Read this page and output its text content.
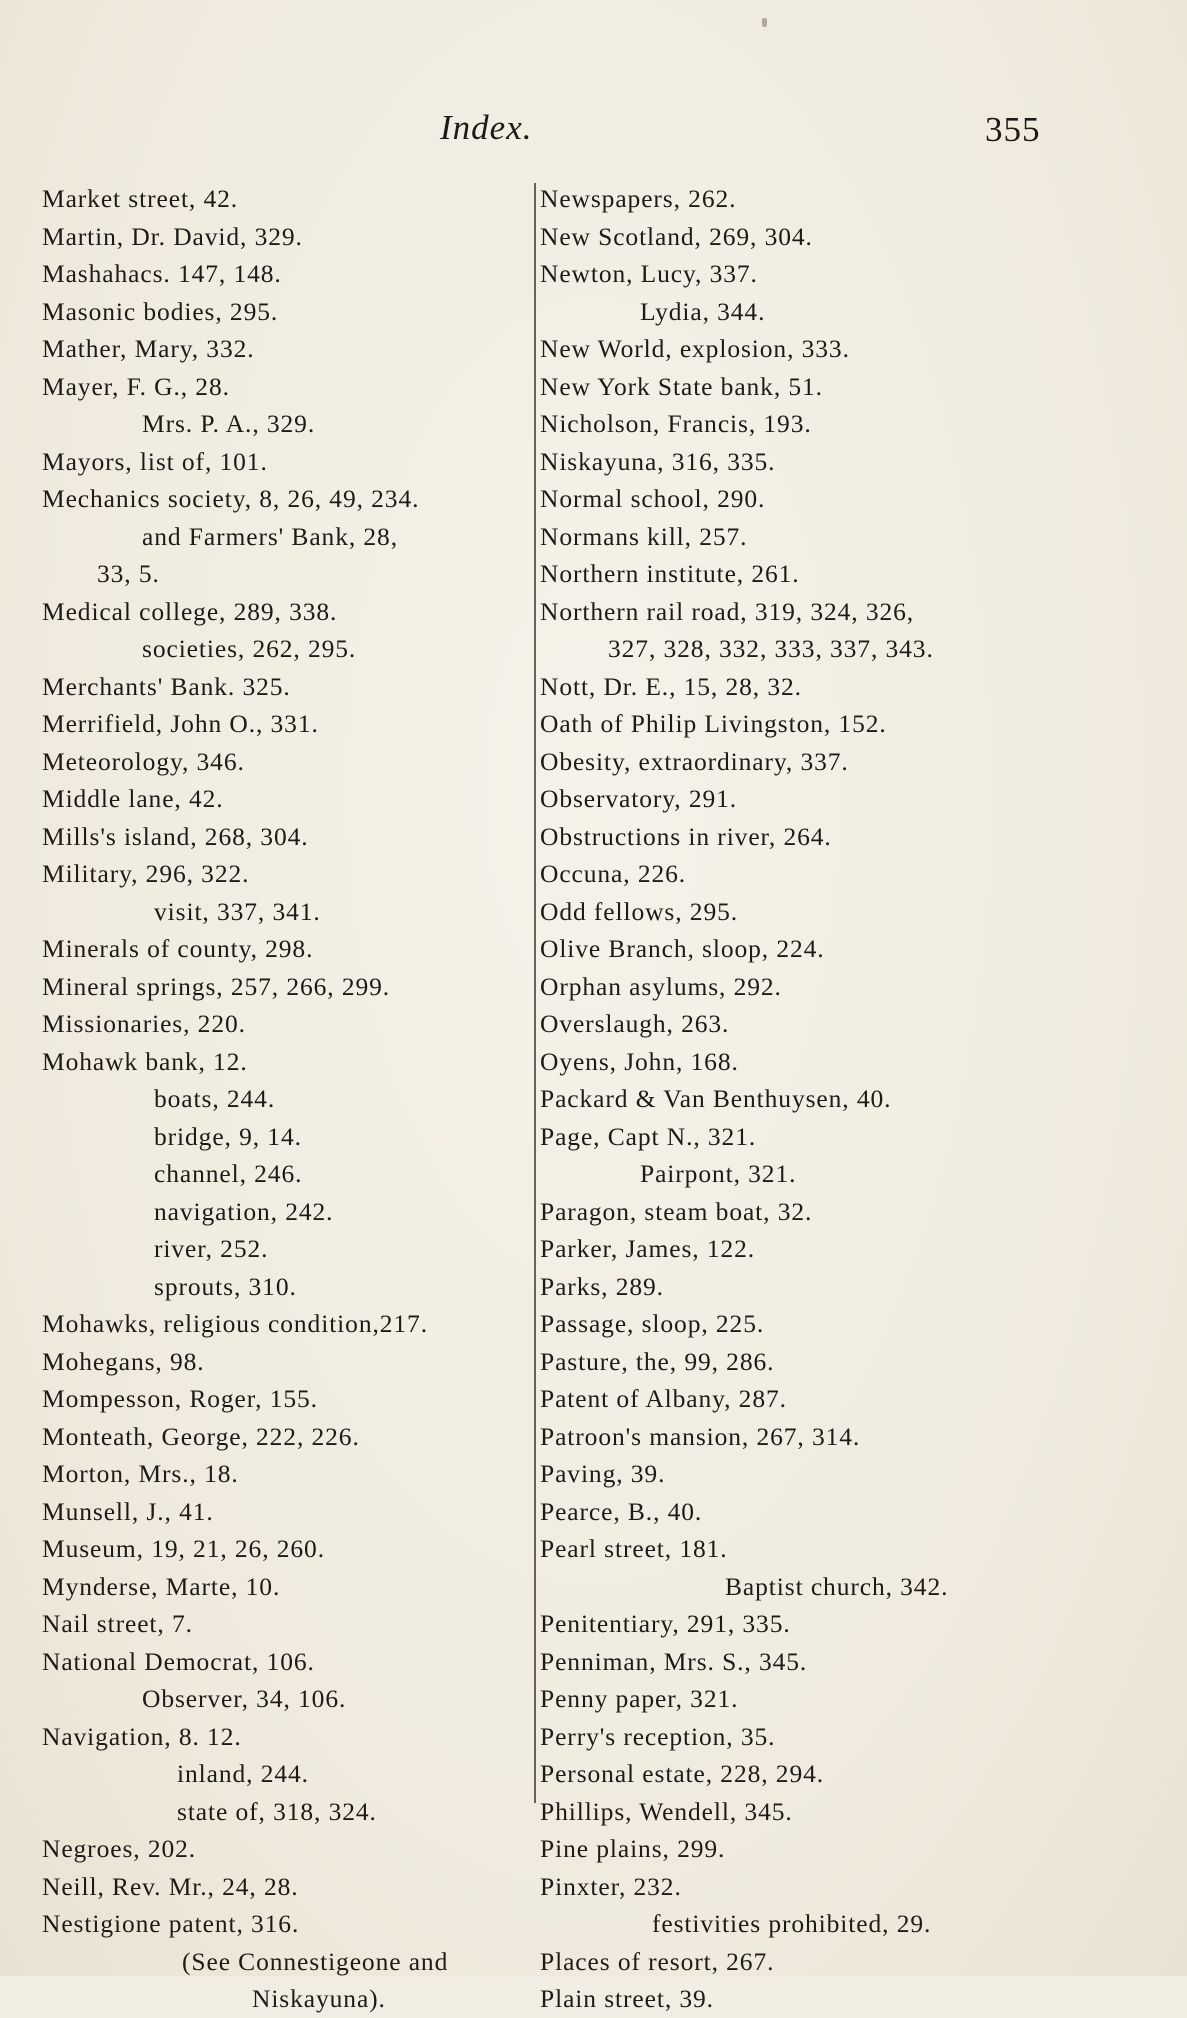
Index.	355
Market street, 42.
Martin, Dr. David, 329.
Mashahacs. 147, 148.
Masonic bodies, 295.
Mather, Mary, 332.
Mayer, F. G., 28.
Mrs. P. A., 329.
Mayors, list of, 101.
Mechanics society, 8, 26, 49, 234.
and Farmers' Bank, 28,
33, 5.
Medical college, 289, 338.
societies, 262, 295.
Merchants' Bank. 325.
Merrifield, John O., 331.
Meteorology, 346.
Middle lane, 42.
Mills's island, 268, 304.
Military, 296, 322.
visit, 337, 341.
Minerals of county, 298.
Mineral springs, 257, 266, 299.
Missionaries, 220.
Mohawk bank, 12.
boats, 244.
bridge, 9, 14.
channel, 246.
navigation, 242.
river, 252.
sprouts, 310.
Mohawks, religious condition,217.
Mohegans, 98.
Mompesson, Roger, 155.
Monteath, George, 222, 226.
Morton, Mrs., 18.
Munsell, J., 41.
Museum, 19, 21, 26, 260.
Mynderse, Marte, 10.
Nail street, 7.
National Democrat, 106.
Observer, 34, 106.
Navigation, 8. 12.
inland, 244.
state of, 318, 324.
Negroes, 202.
Neill, Rev. Mr., 24, 28.
Nestigione patent, 316.
(See Connestigeone and
Niskayuna).
Newspapers, 262.
New Scotland, 269, 304.
Newton, Lucy, 337.
Lydia, 344.
New World, explosion, 333.
New York State bank, 51.
Nicholson, Francis, 193.
Niskayuna, 316, 335.
Normal school, 290.
Normans kill, 257.
Northern institute, 261.
Northern rail road, 319, 324, 326,
327, 328, 332, 333, 337, 343.
Nott, Dr. E., 15, 28, 32.
Oath of Philip Livingston, 152.
Obesity, extraordinary, 337.
Observatory, 291.
Obstructions in river, 264.
Occuna, 226.
Odd fellows, 295.
Olive Branch, sloop, 224.
Orphan asylums, 292.
Overslaugh, 263.
Oyens, John, 168.
Packard & Van Benthuysen, 40.
Page, Capt N., 321.
Pairpont, 321.
Paragon, steam boat, 32.
Parker, James, 122.
Parks, 289.
Passage, sloop, 225.
Pasture, the, 99, 286.
Patent of Albany, 287.
Patroon's mansion, 267, 314.
Paving, 39.
Pearce, B., 40.
Pearl street, 181.
Baptist church, 342.
Penitentiary, 291, 335.
Penniman, Mrs. S., 345.
Penny paper, 321.
Perry's reception, 35.
Personal estate, 228, 294.
Phillips, Wendell, 345.
Pine plains, 299.
Pinxter, 232.
festivities prohibited, 29.
Places of resort, 267.
Plain street, 39.
